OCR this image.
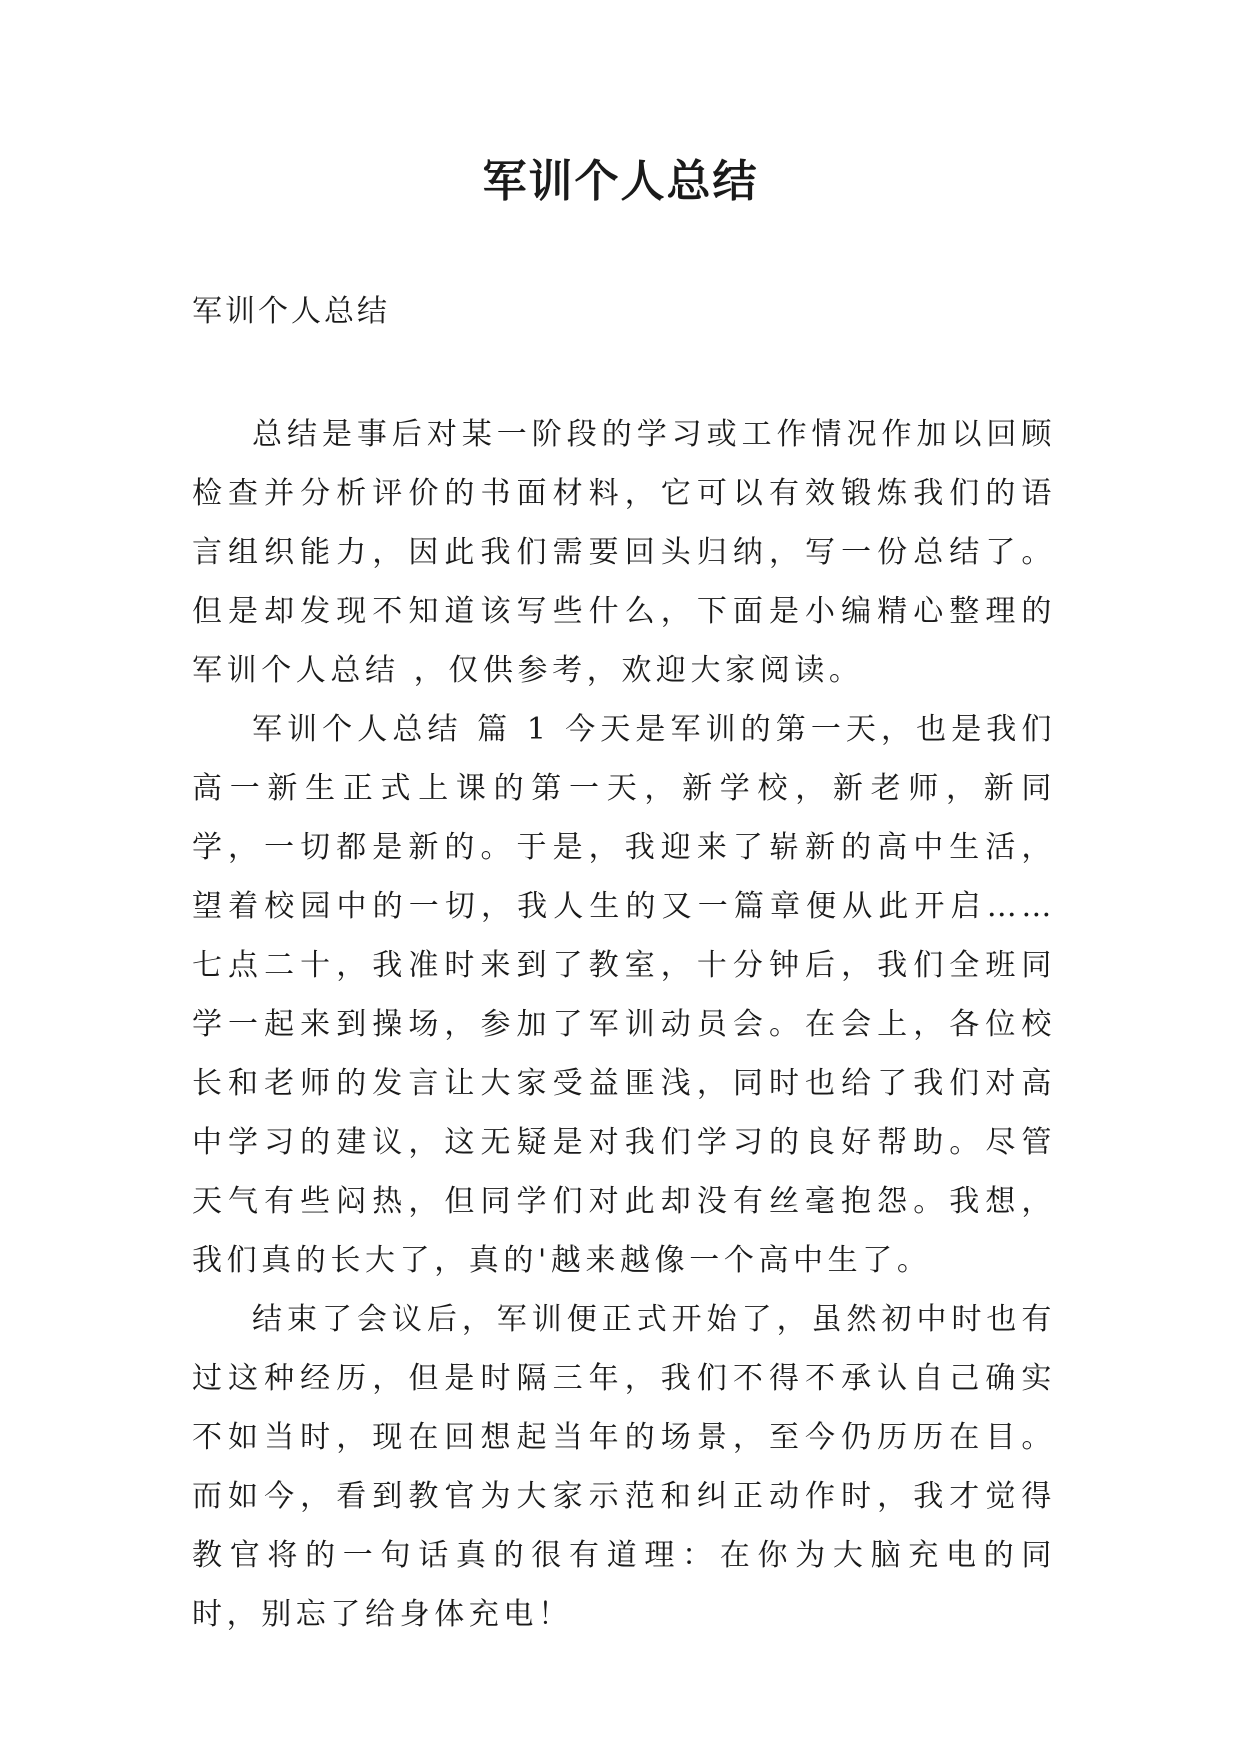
军训个人总结
军训个人总结

总结是事后对某一阶段的学习或工作情况作加以回顾检查并分析评价的书面材料，它可以有效锻炼我们的语言组织能力，因此我们需要回头归纳，写一份总结了。但是却发现不知道该写些什么，下面是小编精心整理的军训个人总结 ，仅供参考，欢迎大家阅读。

军训个人总结 篇 1 今天是军训的第一天，也是我们高一新生正式上课的第一天，新学校，新老师，新同学，一切都是新的。于是，我迎来了崭新的高中生活，望着校园中的一切，我人生的又一篇章便从此开启……七点二十，我准时来到了教室，十分钟后，我们全班同学一起来到操场，参加了军训动员会。在会上，各位校长和老师的发言让大家受益匪浅，同时也给了我们对高中学习的建议，这无疑是对我们学习的良好帮助。尽管天气有些闷热，但同学们对此却没有丝毫抱怨。我想，我们真的长大了，真的'越来越像一个高中生了。

结束了会议后，军训便正式开始了，虽然初中时也有过这种经历，但是时隔三年，我们不得不承认自己确实不如当时，现在回想起当年的场景，至今仍历历在目。而如今，看到教官为大家示范和纠正动作时，我才觉得教官将的一句话真的很有道理：在你为大脑充电的同时，别忘了给身体充电！
